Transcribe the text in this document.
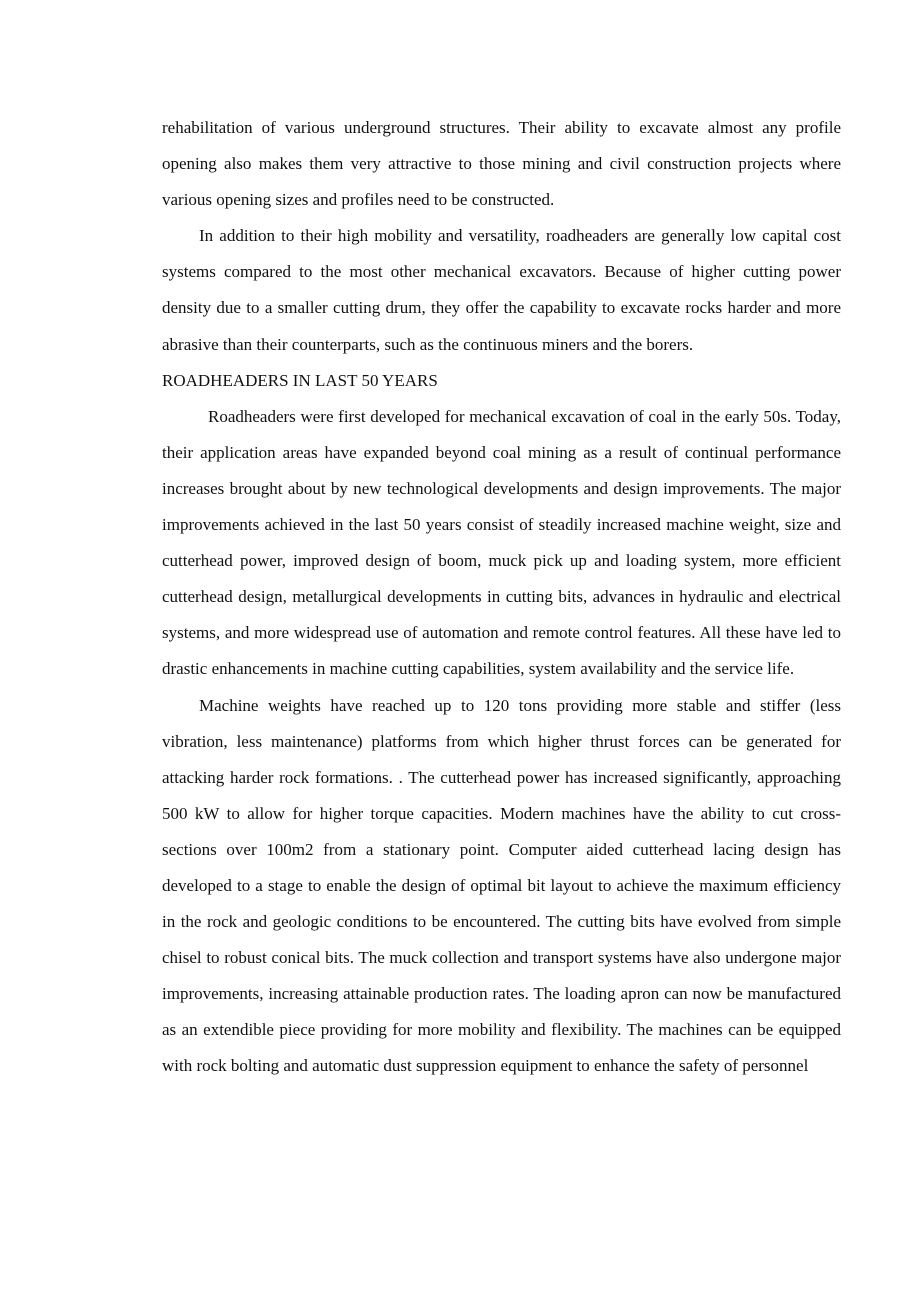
rehabilitation of various underground structures. Their ability to excavate almost any profile opening also makes them very attractive to those mining and civil construction projects where various opening sizes and profiles need to be constructed.

In addition to their high mobility and versatility, roadheaders are generally low capital cost systems compared to the most other mechanical excavators. Because of higher cutting power density due to a smaller cutting drum, they offer the capability to excavate rocks harder and more abrasive than their counterparts, such as the continuous miners and the borers.

ROADHEADERS IN LAST 50 YEARS

Roadheaders were first developed for mechanical excavation of coal in the early 50s. Today, their application areas have expanded beyond coal mining as a result of continual performance increases brought about by new technological developments and design improvements. The major improvements achieved in the last 50 years consist of steadily increased machine weight, size and cutterhead power, improved design of boom, muck pick up and loading system, more efficient cutterhead design, metallurgical developments in cutting bits, advances in hydraulic and electrical systems, and more widespread use of automation and remote control features. All these have led to drastic enhancements in machine cutting capabilities, system availability and the service life.

Machine weights have reached up to 120 tons providing more stable and stiffer (less vibration, less maintenance) platforms from which higher thrust forces can be generated for attacking harder rock formations. . The cutterhead power has increased significantly, approaching 500 kW to allow for higher torque capacities. Modern machines have the ability to cut cross-sections over 100m2 from a stationary point. Computer aided cutterhead lacing design has developed to a stage to enable the design of optimal bit layout to achieve the maximum efficiency in the rock and geologic conditions to be encountered. The cutting bits have evolved from simple chisel to robust conical bits. The muck collection and transport systems have also undergone major improvements, increasing attainable production rates. The loading apron can now be manufactured as an extendible piece providing for more mobility and flexibility. The machines can be equipped with rock bolting and automatic dust suppression equipment to enhance the safety of personnel
